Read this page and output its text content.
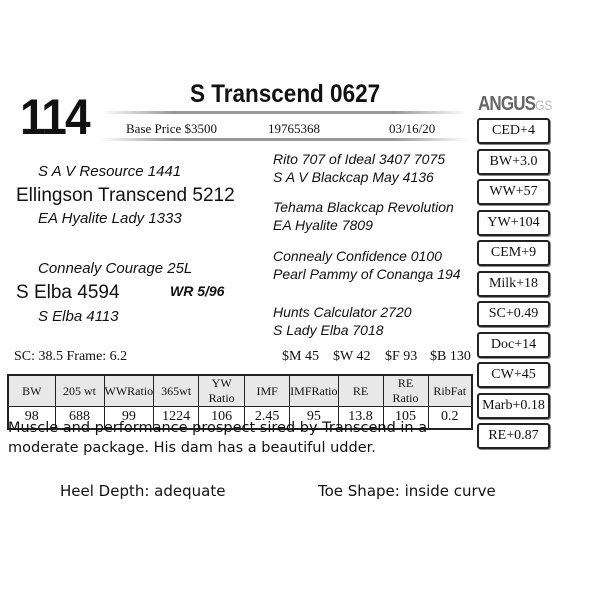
114	S Transcend 0627
Base Price $3500	19765368	03/16/20
ANGUSGS
S A V Resource 1441
Ellingson Transcend 5212
EA Hyalite Lady 1333
Connealy Courage 25L
S Elba 4594	WR 5/96
S Elba 4113
Rito 707 of Ideal 3407 7075
S A V Blackcap May 4136
Tehama Blackcap Revolution
EA Hyalite 7809
Connealy Confidence 0100
Pearl Pammy of Conanga 194
Hunts Calculator 2720
S Lady Elba 7018
CED+4
BW+3.0
WW+57
YW+104
CEM+9
Milk+18
SC+0.49
Doc+14
CW+45
Marb+0.18
RE+0.87
SC: 38.5 Frame: 6.2	$M 45 $W 42 $F 93 $B 130
BW	205 wt	WWRatio	365wt	YW Ratio	IMF	IMFRatio	RE	RE Ratio	RibFat
98	688	99	1224	106	2.45	95	13.8	105	0.2
Muscle and performance prospect sired by Transcend in a moderate package. His dam has a beautiful udder.
Heel Depth: adequate	Toe Shape: inside curve
